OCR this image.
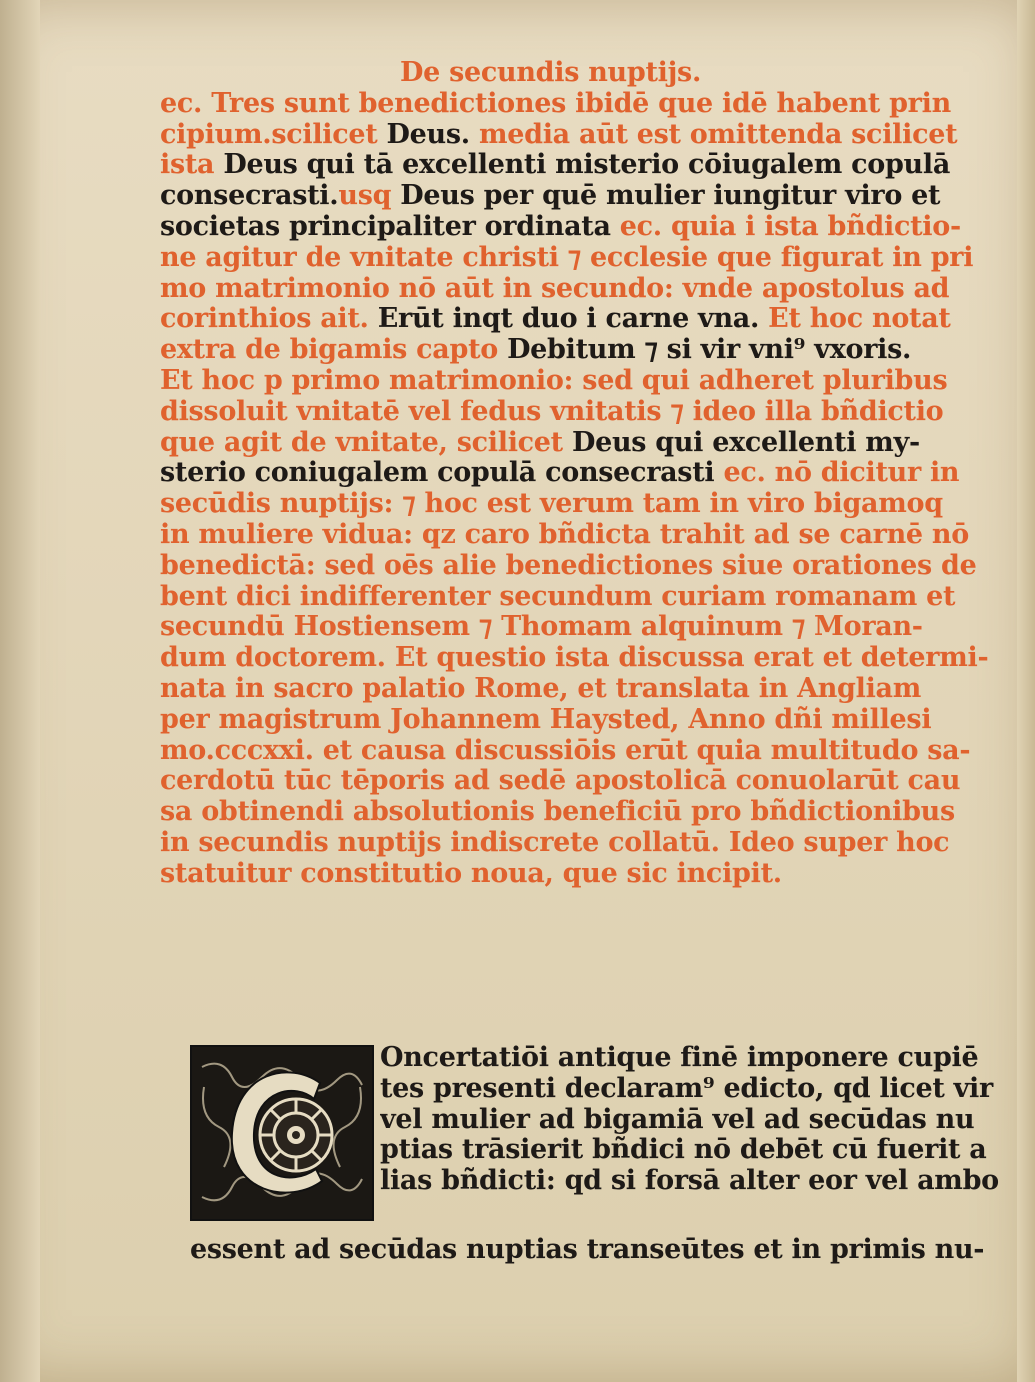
De secundis nuptijs.
ec. Tres sunt benedictiones ibidē que idē habent prin
cipium.scilicet Deus. media aūt est omittenda scilicet
ista Deus qui tā excellenti misterio cōiugalem copulā
consecrasti.usq Deus per quē mulier iungitur viro et
societas principaliter ordinata ec. quia i ista bñdictio-
ne agitur de vnitate christi ⁊ ecclesie que figurat in pri
mo matrimonio nō aūt in secundo: vnde apostolus ad
corinthios ait. Erūt inqt duo i carne vna. Et hoc notat
extra de bigamis capto Debitum ⁊ si vir vni⁹ vxoris.
Et hoc p primo matrimonio: sed qui adheret pluribus
dissoluit vnitatē vel fedus vnitatis ⁊ ideo illa bñdictio
que agit de vnitate, scilicet Deus qui excellenti my-
sterio coniugalem copulā consecrasti ec. nō dicitur in
secūdis nuptijs: ⁊ hoc est verum tam in viro bigamoq
in muliere vidua: qz caro bñdicta trahit ad se carnē nō
benedictā: sed oēs alie benedictiones siue orationes de
bent dici indifferenter secundum curiam romanam et
secundū Hostiensem ⁊ Thomam alquinum ⁊ Moran-
dum doctorem. Et questio ista discussa erat et determi-
nata in sacro palatio Rome, et translata in Angliam
per magistrum Johannem Haysted, Anno dñi millesi
mo.cccxxi. et causa discussiōis erūt quia multitudo sa-
cerdotū tūc tēporis ad sedē apostolicā conuolarūt cau
sa obtinendi absolutionis beneficiū pro bñdictionibus
in secundis nuptijs indiscrete collatū. Ideo super hoc
statuitur constitutio noua, que sic incipit.
Oncertatiōi antique finē imponere cupiē
tes presenti declaram⁹ edicto, qd licet vir
vel mulier ad bigamiā vel ad secūdas nu
ptias trāsierit bñdici nō debēt cū fuerit a
lias bñdicti: qd si forsā alter eor vel ambo
essent ad secūdas nuptias transeūtes et in primis nu-
